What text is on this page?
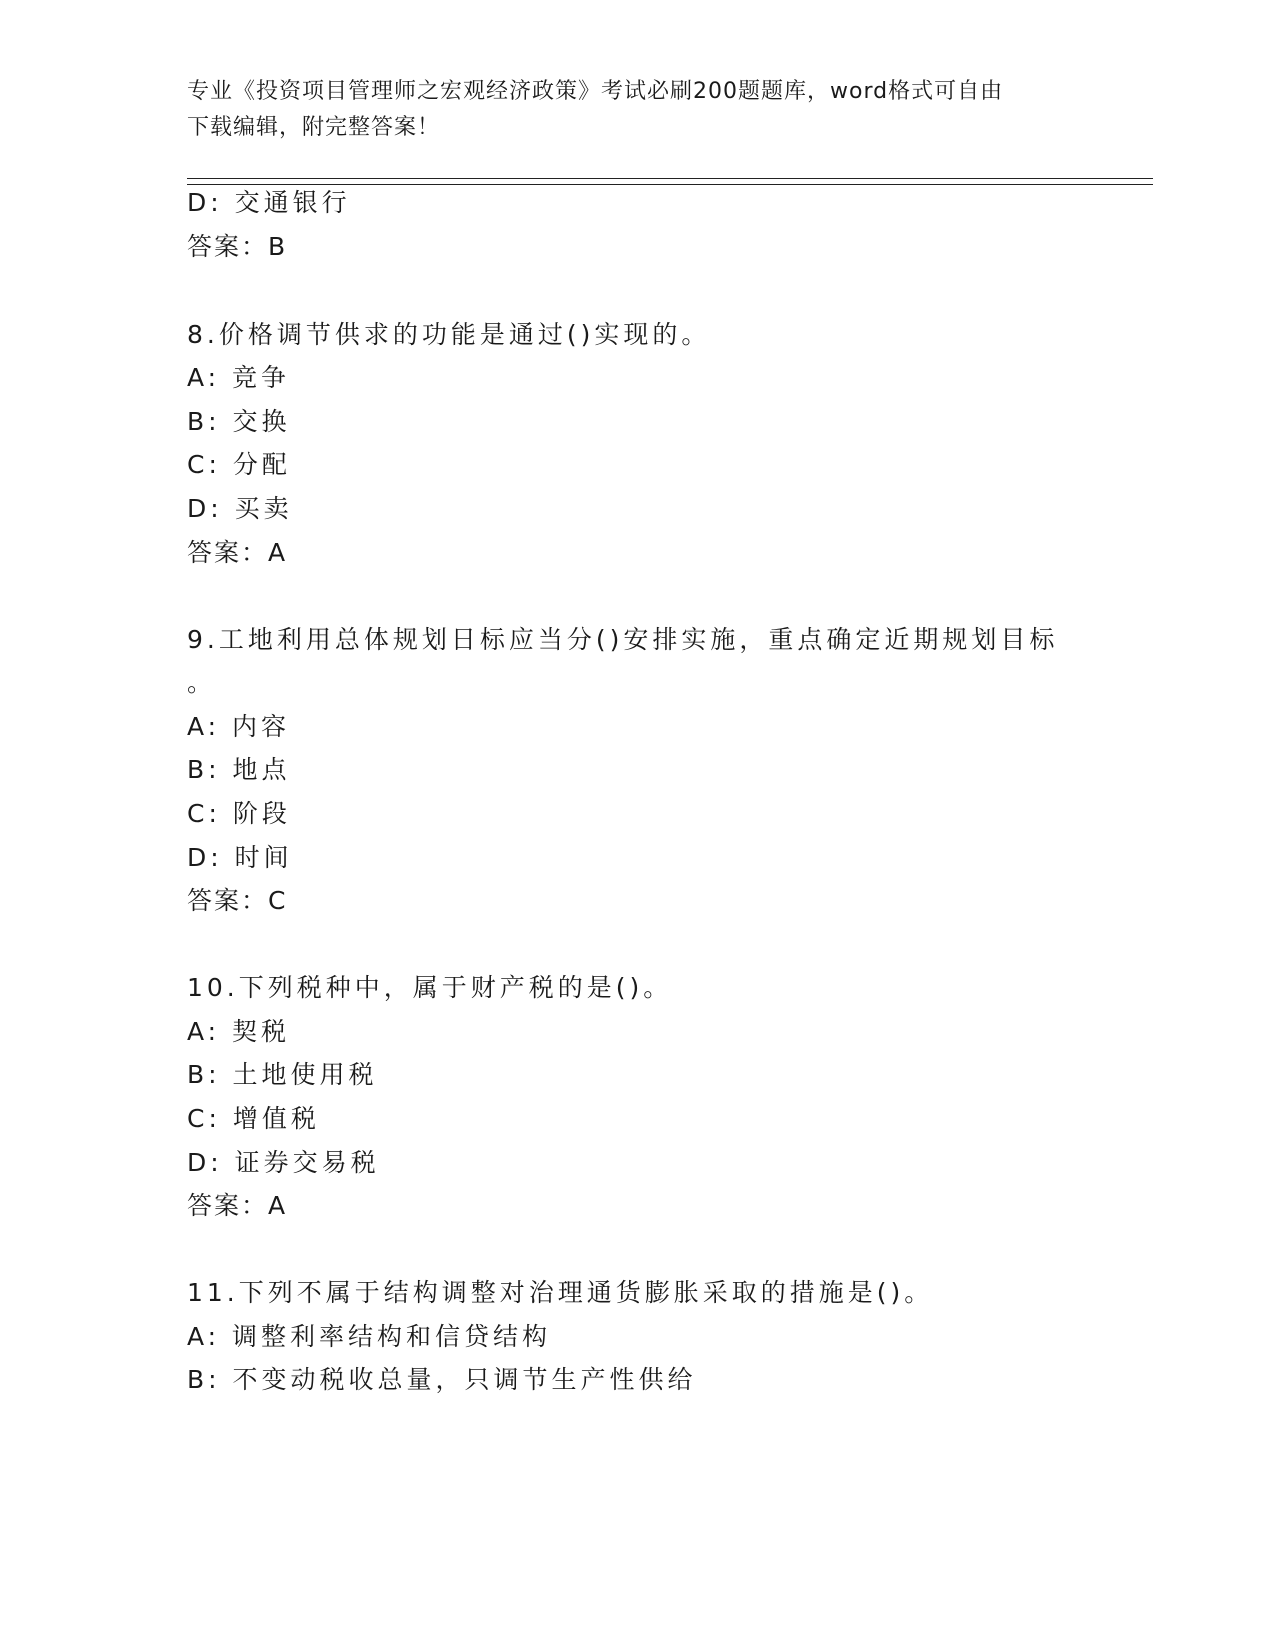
专业《投资项目管理师之宏观经济政策》考试必刷200题题库，word格式可自由
下载编辑，附完整答案！
D: 交通银行
答案：B
8.价格调节供求的功能是通过()实现的。
A: 竞争
B: 交换
C: 分配
D: 买卖
答案：A
9.工地利用总体规划日标应当分()安排实施，重点确定近期规划目标
。
A: 内容
B: 地点
C: 阶段
D: 时间
答案：C
10.下列税种中，属于财产税的是()。
A: 契税
B: 土地使用税
C: 增值税
D: 证券交易税
答案：A
11.下列不属于结构调整对治理通货膨胀采取的措施是()。
A: 调整利率结构和信贷结构
B: 不变动税收总量，只调节生产性供给
